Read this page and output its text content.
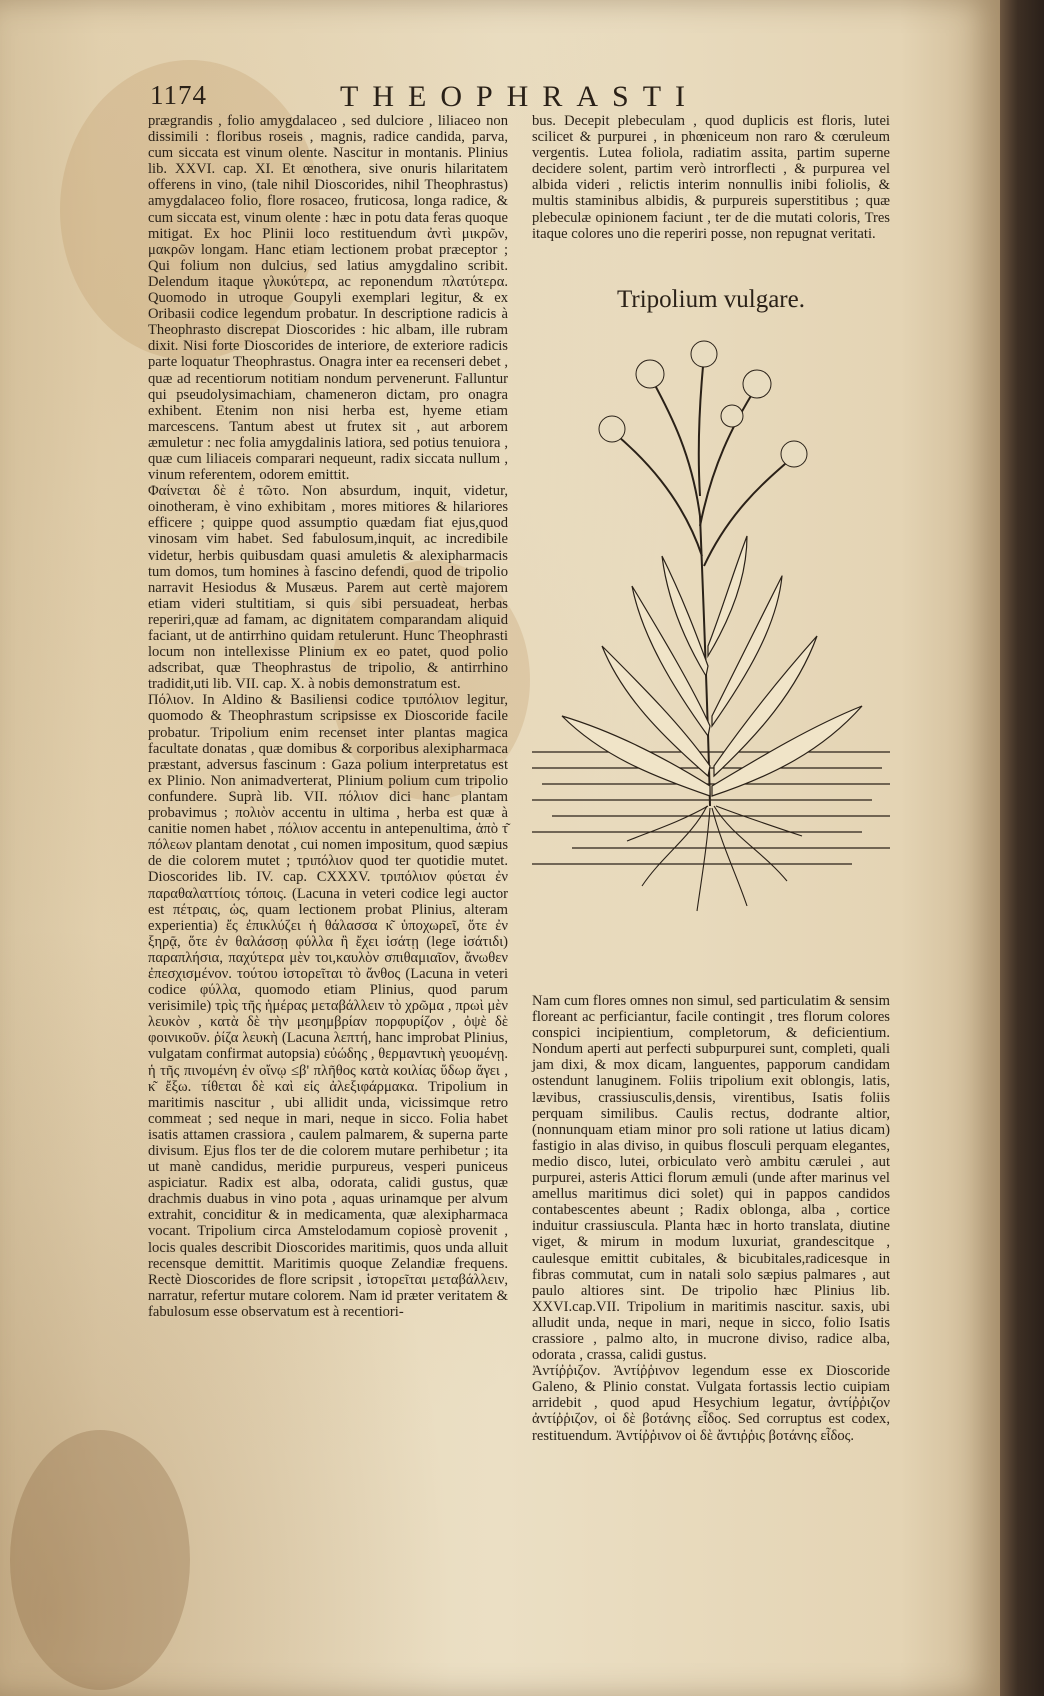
1174	THEOPHRASTI

prægrandis , folio amygdalaceo , sed dulciore , liliaceo non dissimili : floribus roseis , magnis, radice candida, parva, cum siccata est vinum olente. Nascitur in montanis. Plinius lib. XXVI. cap. XI. Et œnothera, sive onuris hilaritatem offerens in vino, (tale nihil Dioscorides, nihil Theophrastus) amygdalaceo folio, flore rosaceo, fruticosa, longa radice, & cum siccata est, vinum olente : hæc in potu data feras quoque mitigat. Ex hoc Plinii loco restituendum ἀντὶ μικρῶν, μακρῶν longam. Hanc etiam lectionem probat præceptor ; Qui folium non dulcius, sed latius amygdalino scribit. Delendum itaque γλυκύτερα, ac reponendum πλατύτερα. Quomodo in utroque Goupyli exemplari legitur, & ex Oribasii codice legendum probatur. In descriptione radicis à Theophrasto discrepat Dioscorides : hic albam, ille rubram dixit. Nisi forte Dioscorides de interiore, de exteriore radicis parte loquatur Theophrastus. Onagra inter ea recenseri debet , quæ ad recentiorum notitiam nondum pervenerunt. Falluntur qui pseudolysimachiam, chameneron dictam, pro onagra exhibent. Etenim non nisi herba est, hyeme etiam marcescens. Tantum abest ut frutex sit , aut arborem æmuletur : nec folia amygdalinis latiora, sed potius tenuiora , quæ cum liliaceis comparari nequeunt, radix siccata nullum , vinum referentem, odorem emittit.

Φαίνεται δὲ ἐ τῶτο. Non absurdum, inquit, videtur, oinotheram, è vino exhibitam , mores mitiores & hilariores efficere ; quippe quod assumptio quædam fiat ejus,quod vinosam vim habet. Sed fabulosum,inquit, ac incredibile videtur, herbis quibusdam quasi amuletis & alexipharmacis tum domos, tum homines à fascino defendi, quod de tripolio narravit Hesiodus & Musæus. Parem aut certè majorem etiam videri stultitiam, si quis sibi persuadeat, herbas reperiri,quæ ad famam, ac dignitatem comparandam aliquid faciant, ut de antirrhino quidam retulerunt. Hunc Theophrasti locum non intellexisse Plinium ex eo patet, quod polio adscribat, quæ Theophrastus de tripolio, & antirrhino tradidit,uti lib. VII. cap. X. à nobis demonstratum est.

Πόλιον. In Aldino & Basiliensi codice τριπόλιον legitur, quomodo & Theophrastum scripsisse ex Dioscoride facile probatur. Tripolium enim recenset inter plantas magica facultate donatas , quæ domibus & corporibus alexipharmaca præstant, adversus fascinum : Gaza polium interpretatus est ex Plinio. Non animadverterat, Plinium polium cum tripolio confundere. Suprà lib. VII. πόλιον dici hanc plantam probavimus ; πολιὸν accentu in ultima , herba est quæ à canitie nomen habet , πόλιον accentu in antepenultima, ἀπὸ τ͂ πόλεων plantam denotat , cui nomen impositum, quod sæpius de die colorem mutet ; τριπόλιον quod ter quotidie mutet. Dioscorides lib. IV. cap. CXXXV. τριπόλιον φύεται ἐν παραθαλαττίοις τόποις. (Lacuna in veteri codice legi auctor est πέτραις, ὡς, quam lectionem probat Plinius, alteram experientia) ἔς ἐπικλύζει ἡ θάλασσα κ͂ ὑποχωρεῖ, ὅτε ἐν ξηρᾷ, ὅτε ἐν θαλάσσῃ φύλλα ἢ ἔχει ἰσάτῃ (lege ἰσάτιδι) παραπλήσια, παχύτερα μὲν τοι,καυλὸν σπιθαμιαῖον, ἄνωθεν ἐπεσχισμένον. τούτου ἱστορεῖται τὸ ἄνθος (Lacuna in veteri codice φύλλα, quomodo etiam Plinius, quod parum verisimile) τρὶς τῆς ἡμέρας μεταβάλλειν τὸ χρῶμα , πρωὶ μὲν λευκὸν , κατὰ δὲ τὴν μεσημβρίαν πορφυρίζον , ὀψὲ δὲ φοινικοῦν. ῥίζα λευκὴ (Lacuna λεπτή, hanc improbat Plinius, vulgatam confirmat autopsia) εὐώδης , θερμαντικὴ γευομένῃ. ἡ τῆς πινομένη ἐν οἴνῳ ≤β' πλῆθος κατὰ κοιλίας ὕδωρ ἄγει , κ͂ ἔξω. τίθεται δὲ καὶ εἰς ἀλεξιφάρμακα. Tripolium in maritimis nascitur , ubi allidit unda, vicissimque retro commeat ; sed neque in mari, neque in sicco. Folia habet isatis attamen crassiora , caulem palmarem, & superna parte divisum. Ejus flos ter de die colorem mutare perhibetur ; ita ut manè candidus, meridie purpureus, vesperi puniceus aspiciatur. Radix est alba, odorata, calidi gustus, quæ drachmis duabus in vino pota , aquas urinamque per alvum extrahit, conciditur & in medicamenta, quæ alexipharmaca vocant. Tripolium circa Amstelodamum copiosè provenit , locis quales describit Dioscorides maritimis, quos unda alluit recensque demittit. Maritimis quoque Zelandiæ frequens. Rectè Dioscorides de flore scripsit , ἱστορεῖται μεταβάλλειν, narratur, refertur mutare colorem. Nam id præter veritatem & fabulosum esse observatum est à recentiori-

bus. Decepit plebeculam , quod duplicis est floris, lutei scilicet & purpurei , in phœniceum non raro & cœruleum vergentis. Lutea foliola, radiatim assita, partim superne decidere solent, partim verò introrflecti , & purpurea vel albida videri , relictis interim nonnullis inibi foliolis, & multis staminibus albidis, & purpureis superstitibus ; quæ plebeculæ opinionem faciunt , ter de die mutati coloris, Tres itaque colores uno die reperiri posse, non repugnat veritati.

Tripolium vulgare.

Nam cum flores omnes non simul, sed particulatim & sensim floreant ac perficiantur, facile contingit , tres florum colores conspici incipientium, completorum, & deficientium. Nondum aperti aut perfecti subpurpurei sunt, completi, quali jam dixi, & mox dicam, languentes, papporum candidam ostendunt lanuginem. Foliis tripolium exit oblongis, latis, lævibus, crassiusculis,densis, virentibus, Isatis foliis perquam similibus. Caulis rectus, dodrante altior, (nonnunquam etiam minor pro soli ratione ut latius dicam) fastigio in alas diviso, in quibus flosculi perquam elegantes, medio disco, lutei, orbiculato verò ambitu cærulei , aut purpurei, asteris Attici florum æmuli (unde after marinus vel amellus maritimus dici solet) qui in pappos candidos contabescentes abeunt ; Radix oblonga, alba , cortice induitur crassiuscula. Planta hæc in horto translata, diutine viget, & mirum in modum luxuriat, grandescitque , caulesque emittit cubitales, & bicubitales,radicesque in fibras commutat, cum in natali solo sæpius palmares , aut paulo altiores sint. De tripolio hæc Plinius lib. XXVI.cap.VII. Tripolium in maritimis nascitur. saxis, ubi alludit unda, neque in mari, neque in sicco, folio Isatis crassiore , palmo alto, in mucrone diviso, radice alba, odorata , crassa, calidi gustus.

Ἀντίῤῥιζον. Ἀντίῤῥινον legendum esse ex Dioscoride Galeno, & Plinio constat. Vulgata fortassis lectio cuipiam arridebit , quod apud Hesychium legatur, ἀντίῤῥιζον ἀντίῤῥιζον, οἱ δὲ βοτάνης εἶδος. Sed corruptus est codex, restituendum. Ἀντίῤῥινον οἱ δὲ ἄντιῤῥις βοτάνης εἶδος.
